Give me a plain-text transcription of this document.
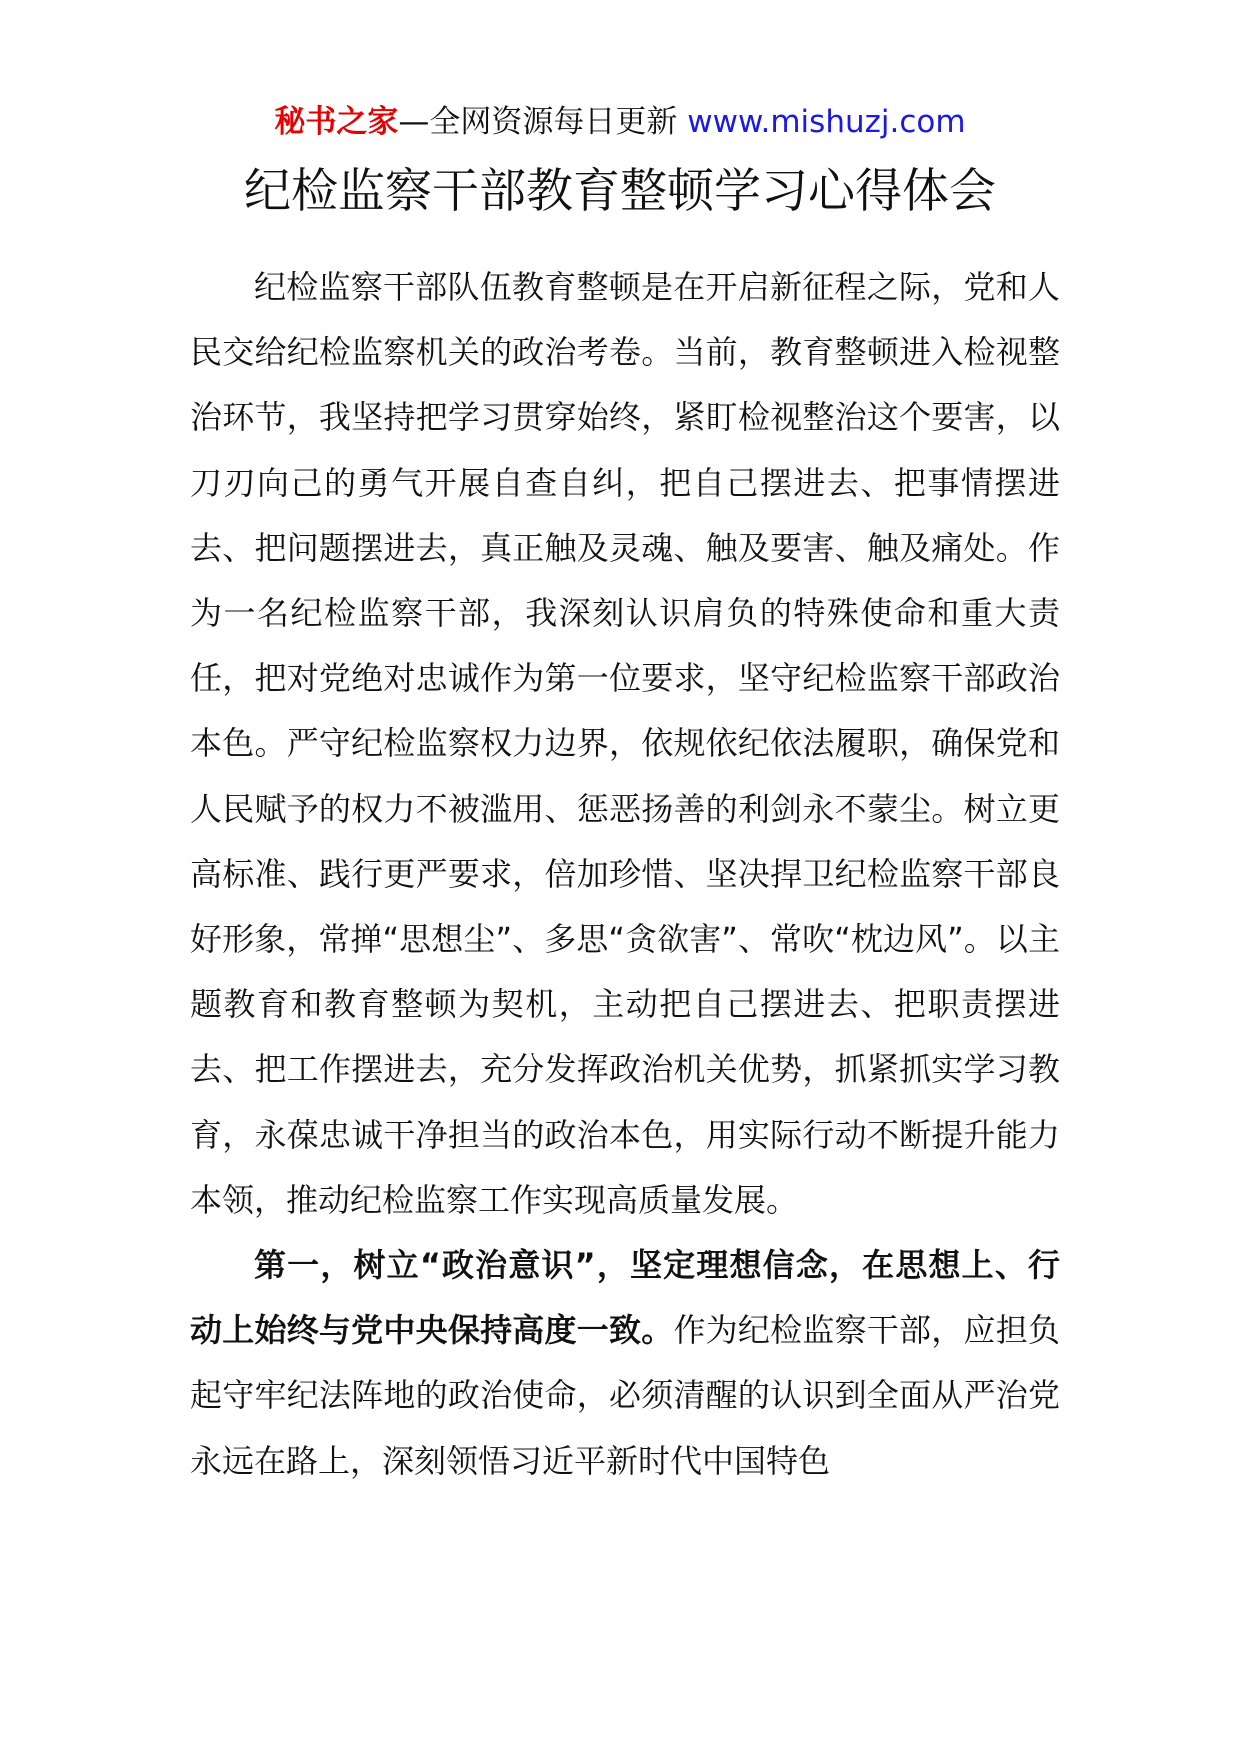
秘书之家—全网资源每日更新 www.mishuzj.com
纪检监察干部教育整顿学习心得体会

纪检监察干部队伍教育整顿是在开启新征程之际，党和人民交给纪检监察机关的政治考卷。当前，教育整顿进入检视整治环节，我坚持把学习贯穿始终，紧盯检视整治这个要害，以刀刃向己的勇气开展自查自纠，把自己摆进去、把事情摆进去、把问题摆进去，真正触及灵魂、触及要害、触及痛处。作为一名纪检监察干部，我深刻认识肩负的特殊使命和重大责任，把对党绝对忠诚作为第一位要求，坚守纪检监察干部政治本色。严守纪检监察权力边界，依规依纪依法履职，确保党和人民赋予的权力不被滥用、惩恶扬善的利剑永不蒙尘。树立更高标准、践行更严要求，倍加珍惜、坚决捍卫纪检监察干部良好形象，常掸“思想尘”、多思“贪欲害”、常吹“枕边风”。以主题教育和教育整顿为契机，主动把自己摆进去、把职责摆进去、把工作摆进去，充分发挥政治机关优势，抓紧抓实学习教育，永葆忠诚干净担当的政治本色，用实际行动不断提升能力本领，推动纪检监察工作实现高质量发展。

第一，树立“政治意识”，坚定理想信念，在思想上、行动上始终与党中央保持高度一致。作为纪检监察干部，应担负起守牢纪法阵地的政治使命，必须清醒的认识到全面从严治党永远在路上，深刻领悟习近平新时代中国特色
